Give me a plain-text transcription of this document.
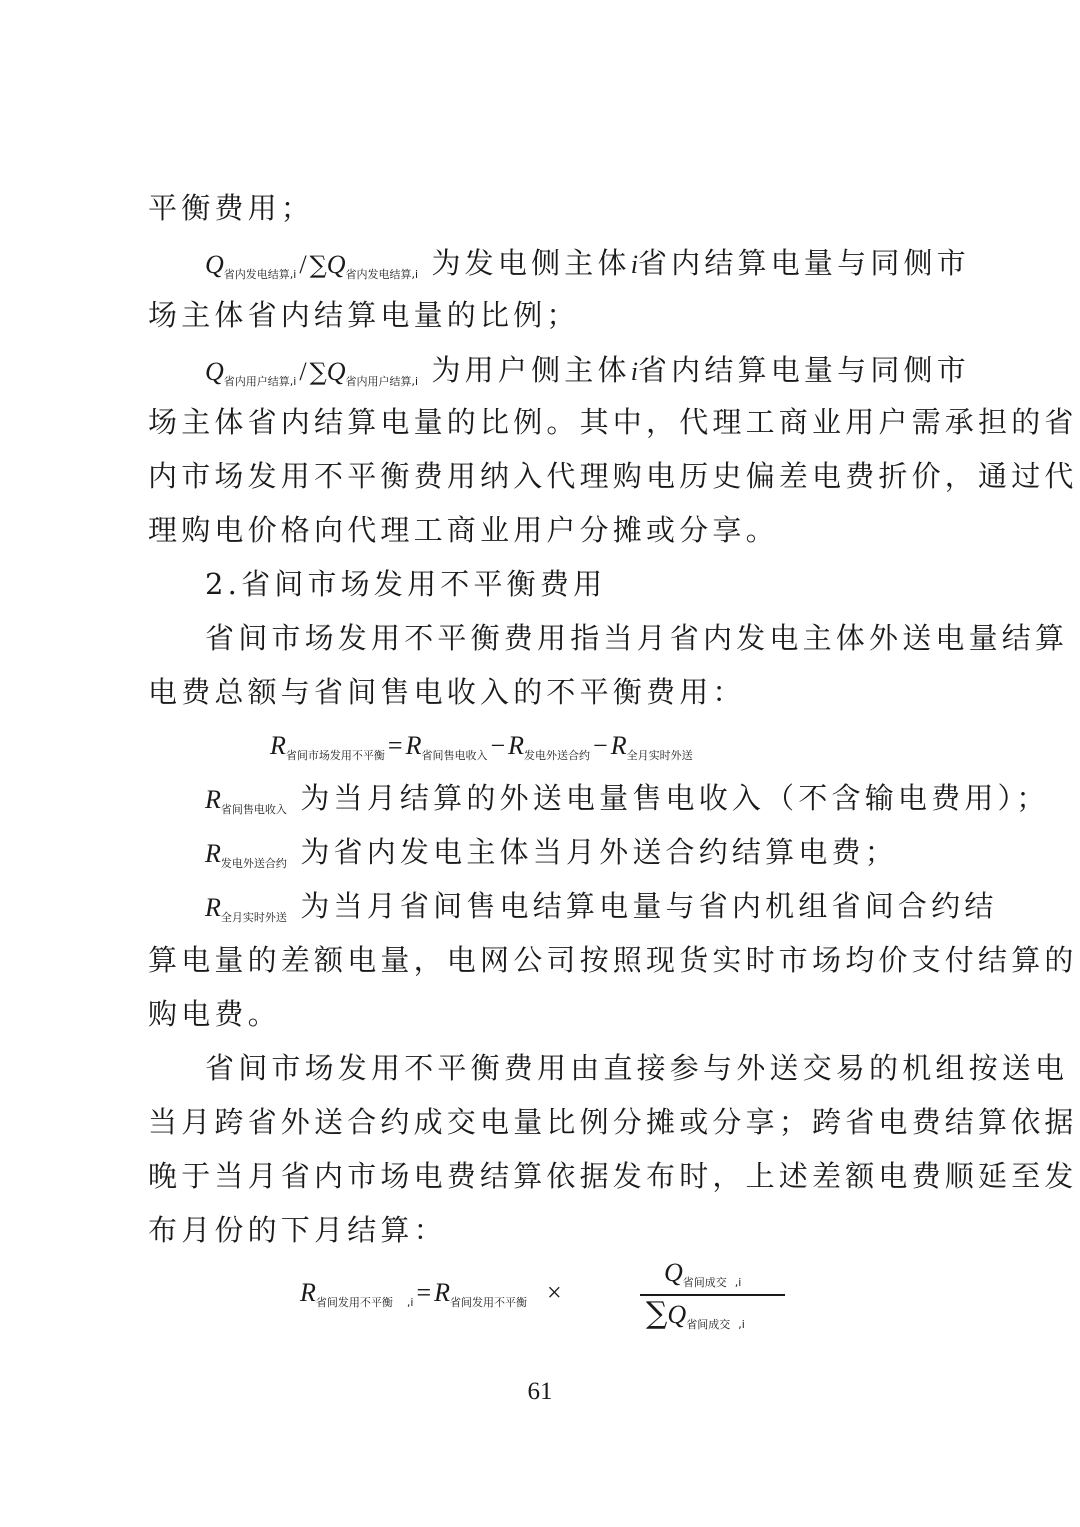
平衡费用；
$Q_{省内发电结算,i} / \sum Q_{省内发电结算,i}$ 为发电侧主体i省内结算电量与同侧市
场主体省内结算电量的比例；
$Q_{省内用户结算,i} / \sum Q_{省内用户结算,i}$ 为用户侧主体i省内结算电量与同侧市
场主体省内结算电量的比例。其中，代理工商业用户需承担的省
内市场发用不平衡费用纳入代理购电历史偏差电费折价，通过代
理购电价格向代理工商业用户分摊或分享。
2.省间市场发用不平衡费用
省间市场发用不平衡费用指当月省内发电主体外送电量结算
电费总额与省间售电收入的不平衡费用：
$R_{省间市场发用不平衡} = R_{省间售电收入} - R_{发电外送合约} - R_{全月实时外送}$
$R_{省间售电收入}$ 为当月结算的外送电量售电收入（不含输电费用）；
$R_{发电外送合约}$ 为省内发电主体当月外送合约结算电费；
$R_{全月实时外送}$ 为当月省间售电结算电量与省内机组省间合约结
算电量的差额电量，电网公司按照现货实时市场均价支付结算的
购电费。
省间市场发用不平衡费用由直接参与外送交易的机组按送电
当月跨省外送合约成交电量比例分摊或分享；跨省电费结算依据
晚于当月省内市场电费结算依据发布时，上述差额电费顺延至发
布月份的下月结算：
$R_{省间发用不平衡}$ $_{,i} = R_{省间发用不平衡}$ ×
$Q_{省间成交}$ $_{,i}$
$\sum Q_{省间成交}$ $_{,i}$
61
